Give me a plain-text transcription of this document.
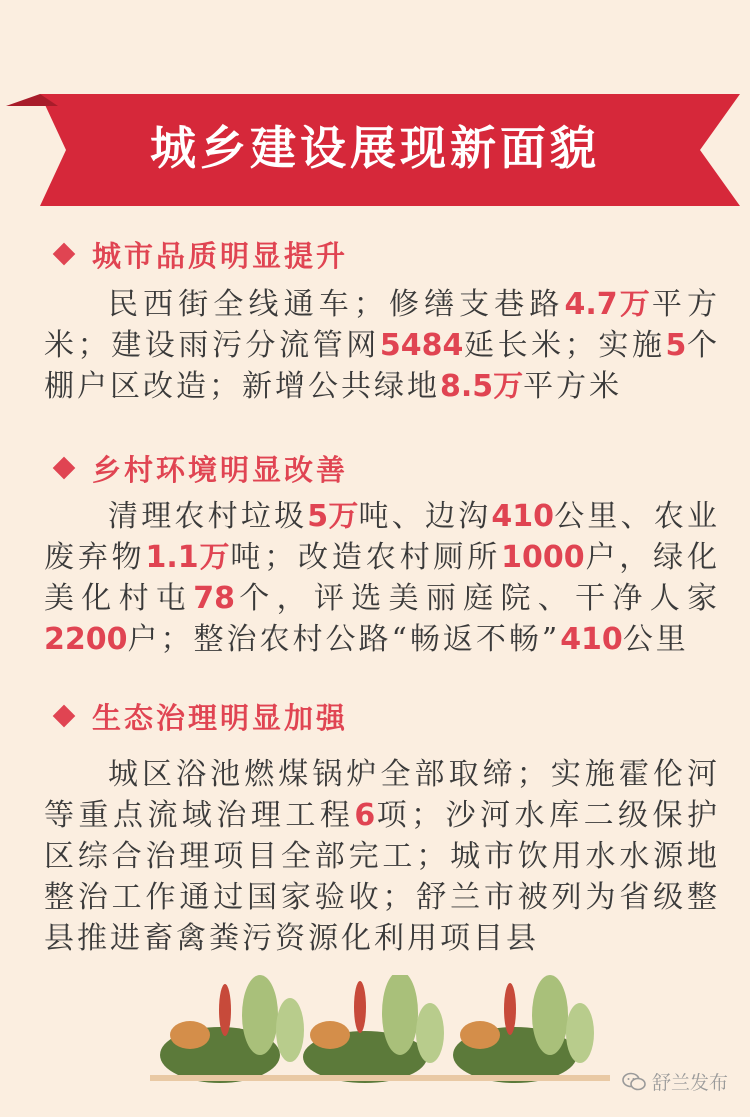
城乡建设展现新面貌
城市品质明显提升

民西街全线通车；修缮支巷路4.7万平方米；建设雨污分流管网5484延长米；实施5个棚户区改造；新增公共绿地8.5万平方米

乡村环境明显改善

清理农村垃圾5万吨、边沟410公里、农业废弃物1.1万吨；改造农村厕所1000户，绿化美化村屯78个，评选美丽庭院、干净人家2200户；整治农村公路“畅返不畅”410公里

生态治理明显加强

城区浴池燃煤锅炉全部取缔；实施霍伦河等重点流域治理工程6项；沙河水库二级保护区综合治理项目全部完工；城市饮用水水源地整治工作通过国家验收；舒兰市被列为省级整县推进畜禽粪污资源化利用项目县

舒兰发布
